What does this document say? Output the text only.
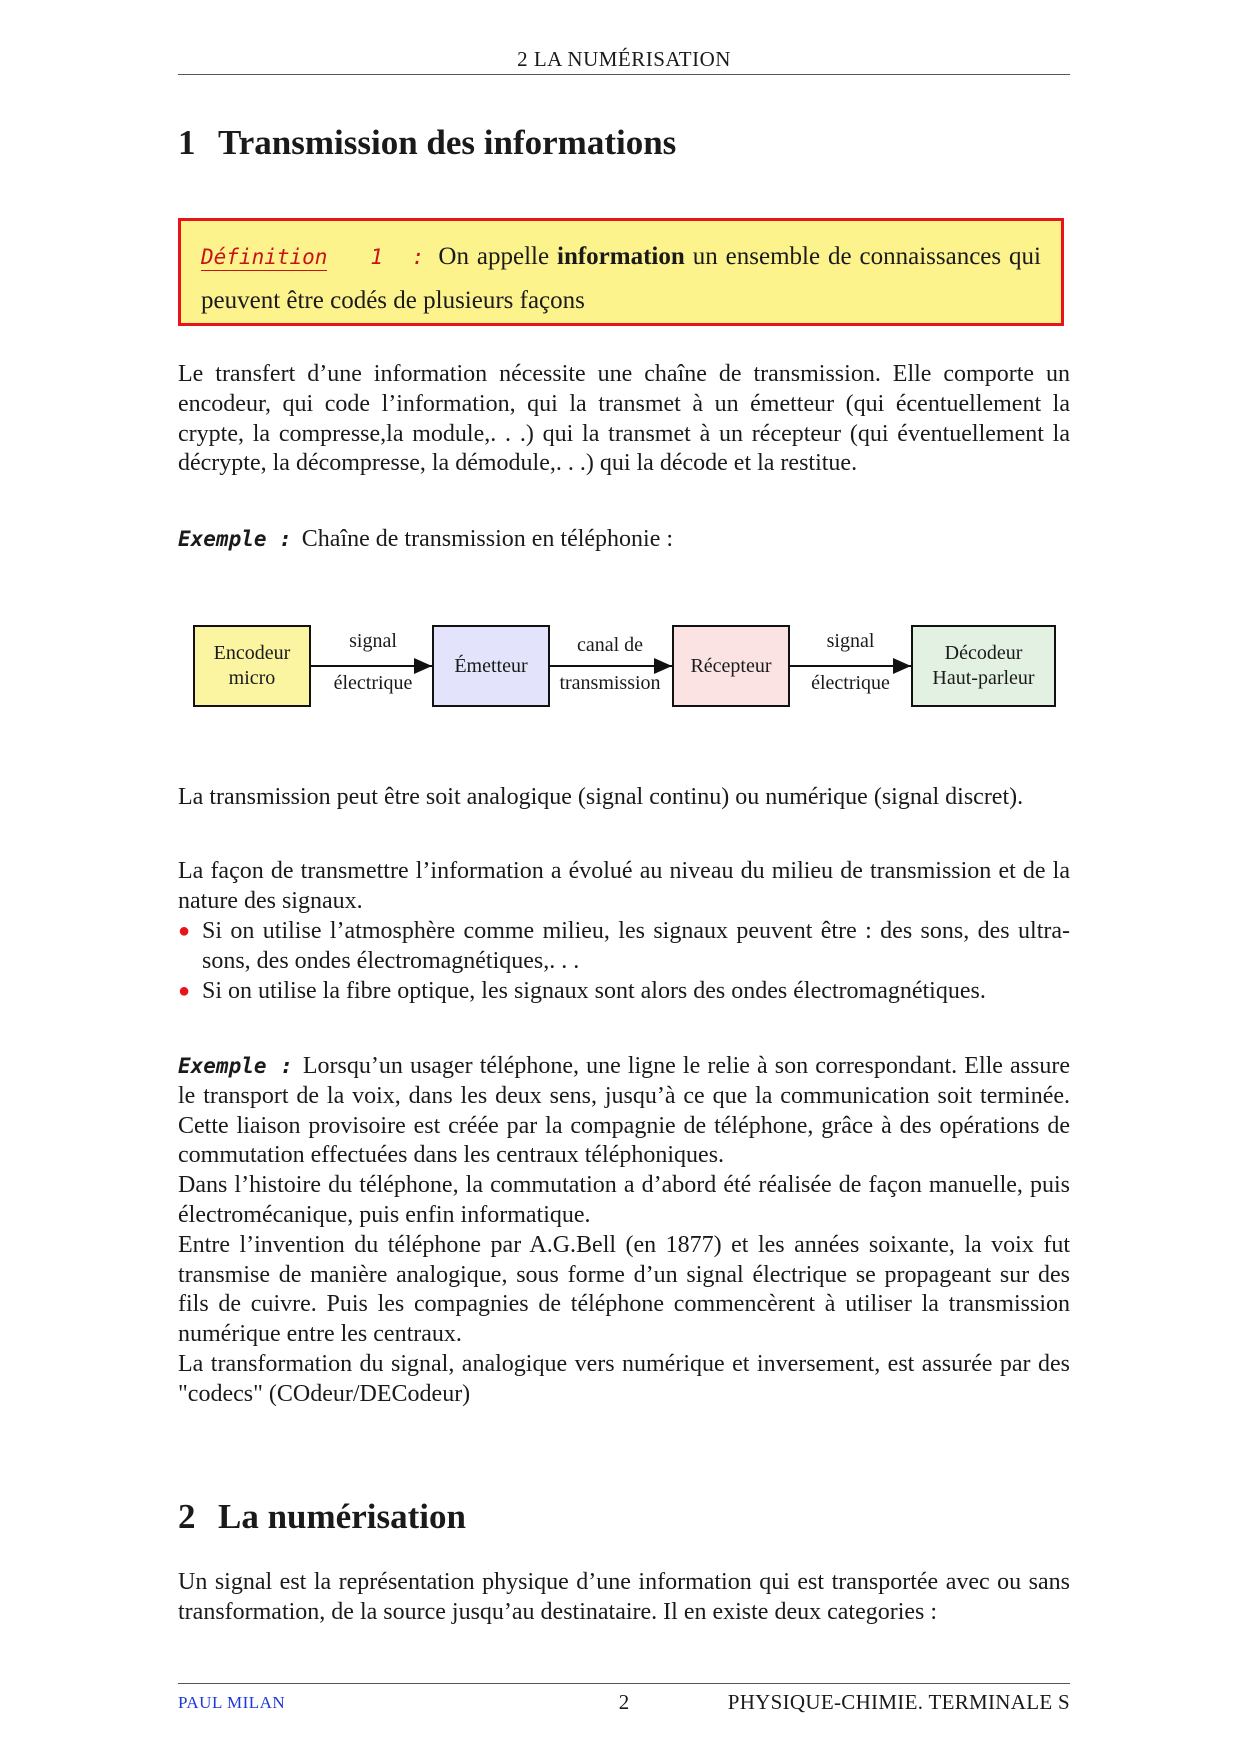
2 LA NUMÉRISATION
1 Transmission des informations
Définition 1 : On appelle information un ensemble de connaissances qui peuvent être codés de plusieurs façons

Le transfert d’une information nécessite une chaîne de transmission. Elle comporte un encodeur, qui code l’information, qui la transmet à un émetteur (qui écentuellement la crypte, la compresse,la module,. . .) qui la transmet à un récepteur (qui éventuellement la décrypte, la décompresse, la démodule,. . .) qui la décode et la restitue.

Exemple : Chaîne de transmission en téléphonie :

Encodeur
micro
signal
électrique
Émetteur
canal de
transmission
Récepteur
signal
électrique
Décodeur
Haut-parleur

La transmission peut être soit analogique (signal continu) ou numérique (signal discret).

La façon de transmettre l’information a évolué au niveau du milieu de transmission et de la nature des signaux.

● Si on utilise l’atmosphère comme milieu, les signaux peuvent être : des sons, des ultra-sons, des ondes électromagnétiques,. . .
● Si on utilise la fibre optique, les signaux sont alors des ondes électromagnétiques.

Exemple : Lorsqu’un usager téléphone, une ligne le relie à son correspondant. Elle assure le transport de la voix, dans les deux sens, jusqu’à ce que la communication soit terminée. Cette liaison provisoire est créée par la compagnie de téléphone, grâce à des opérations de commutation effectuées dans les centraux téléphoniques.
Dans l’histoire du téléphone, la commutation a d’abord été réalisée de façon manuelle, puis électromécanique, puis enfin informatique.
Entre l’invention du téléphone par A.G.Bell (en 1877) et les années soixante, la voix fut transmise de manière analogique, sous forme d’un signal électrique se propageant sur des fils de cuivre. Puis les compagnies de téléphone commencèrent à utiliser la transmission numérique entre les centraux.
La transformation du signal, analogique vers numérique et inversement, est assurée par des "codecs" (COdeur/DECodeur)

2 La numérisation

Un signal est la représentation physique d’une information qui est transportée avec ou sans transformation, de la source jusqu’au destinataire. Il en existe deux categories :

PAUL MILAN	2	PHYSIQUE-CHIMIE. TERMINALE S
